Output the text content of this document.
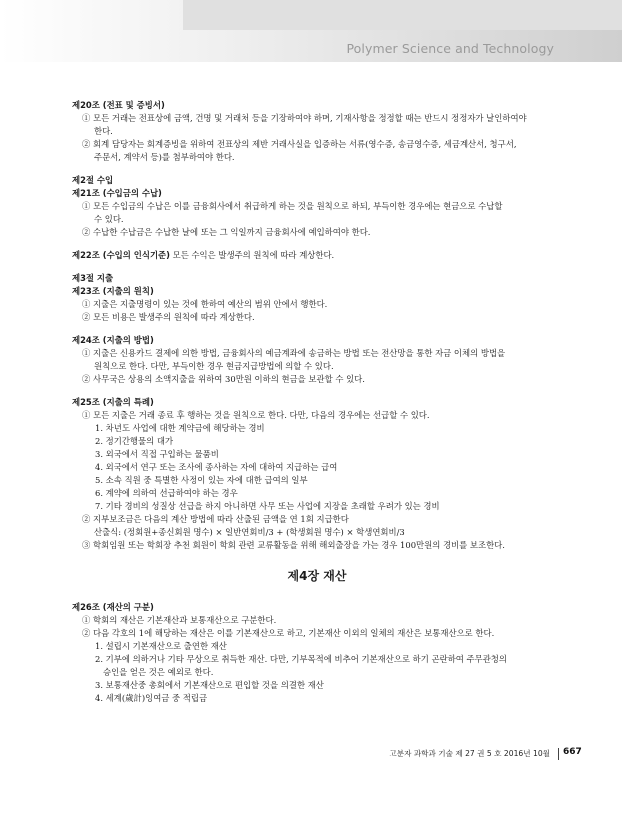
Polymer Science and Technology
제20조 (전표 및 증빙서)
① 모든 거래는 전표상에 금액, 건명 및 거래처 등을 기장하여야 하며, 기재사항을 정정할 때는 반드시 정정자가 날인하여야
한다.
② 회계 담당자는 회계증빙을 위하여 전표상의 제반 거래사실을 입증하는 서류(영수증, 송금영수증, 세금계산서, 청구서,
주문서, 계약서 등)를 첨부하여야 한다.
제2절 수입
제21조 (수입금의 수납)
① 모든 수입금의 수납은 이를 금융회사에서 취급하게 하는 것을 원칙으로 하되, 부득이한 경우에는 현금으로 수납할
수 있다.
② 수납한 수납금은 수납한 날에 또는 그 익일까지 금융회사에 예입하여야 한다.
제22조 (수입의 인식기준) 모든 수익은 발생주의 원칙에 따라 계상한다.
제3절 지출
제23조 (지출의 원칙)
① 지출은 지출명령이 있는 것에 한하여 예산의 범위 안에서 행한다.
② 모든 비용은 발생주의 원칙에 따라 계상한다.
제24조 (지출의 방법)
① 지출은 신용카드 결제에 의한 방법, 금융회사의 예금계좌에 송금하는 방법 또는 전산망을 통한 자금 이체의 방법을
원칙으로 한다. 다만, 부득이한 경우 현금지급방법에 의할 수 있다.
② 사무국은 상용의 소액지출을 위하여 30만원 이하의 현금을 보관할 수 있다.
제25조 (지출의 특례)
① 모든 지출은 거래 종료 후 행하는 것을 원칙으로 한다. 다만, 다음의 경우에는 선급할 수 있다.
1. 차년도 사업에 대한 계약금에 해당하는 경비
2. 정기간행물의 대가
3. 외국에서 직접 구입하는 물품비
4. 외국에서 연구 또는 조사에 종사하는 자에 대하여 지급하는 급여
5. 소속 직원 중 특별한 사정이 있는 자에 대한 급여의 일부
6. 계약에 의하여 선급하여야 하는 경우
7. 기타 경비의 성질상 선급을 하지 아니하면 사무 또는 사업에 지장을 초래할 우려가 있는 경비
② 지부보조금은 다음의 계산 방법에 따라 산출된 금액을 연 1회 지급한다
산출식: (정회원+종신회원 명수) × 일반연회비/3 + (학생회원 명수) × 학생연회비/3
③ 학회임원 또는 학회장 추천 회원이 학회 관련 교류활동을 위해 해외출장을 가는 경우 100만원의 경비를 보조한다.
제4장 재산
제26조 (재산의 구분)
① 학회의 재산은 기본재산과 보통재산으로 구분한다.
② 다음 각호의 1에 해당하는 재산은 이를 기본재산으로 하고, 기본재산 이외의 일체의 재산은 보통재산으로 한다.
1. 설립시 기본재산으로 출연한 재산
2. 기부에 의하거나 기타 무상으로 취득한 재산. 다만, 기부목적에 비추어 기본재산으로 하기 곤란하여 주무관청의
승인을 얻은 것은 예외로 한다.
3. 보통재산중 총회에서 기본재산으로 편입할 것을 의결한 재산
4. 세계(歲計)잉여금 중 적립금
고분자 과학과 기술 제 27 권 5 호 2016년 10월 667
